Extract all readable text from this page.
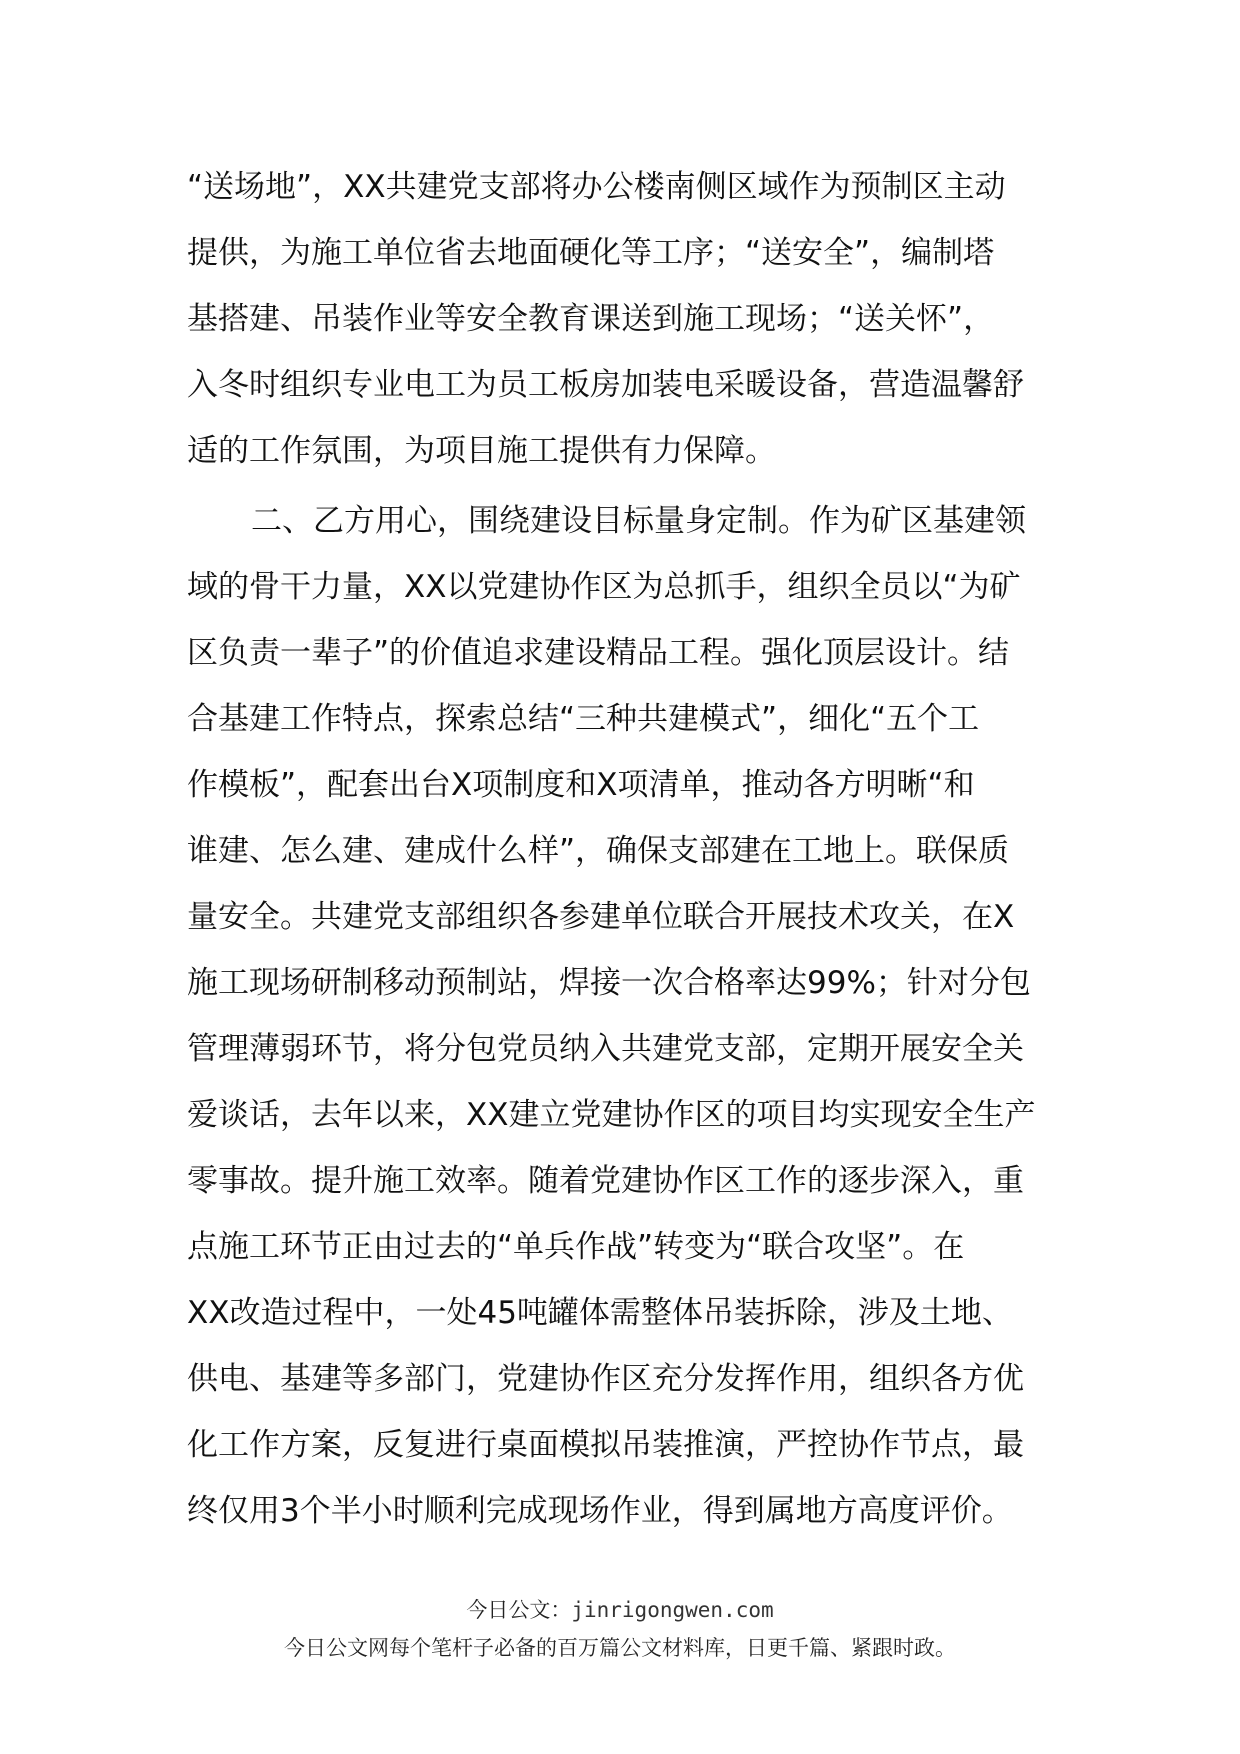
“送场地”，XX共建党支部将办公楼南侧区域作为预制区主动
提供，为施工单位省去地面硬化等工序；“送安全”，编制塔
基搭建、吊装作业等安全教育课送到施工现场；“送关怀”，
入冬时组织专业电工为员工板房加装电采暖设备，营造温馨舒
适的工作氛围，为项目施工提供有力保障。
二、乙方用心，围绕建设目标量身定制。作为矿区基建领
域的骨干力量，XX以党建协作区为总抓手，组织全员以“为矿
区负责一辈子”的价值追求建设精品工程。强化顶层设计。结
合基建工作特点，探索总结“三种共建模式”，细化“五个工
作模板”，配套出台X项制度和X项清单，推动各方明晰“和
谁建、怎么建、建成什么样”，确保支部建在工地上。联保质
量安全。共建党支部组织各参建单位联合开展技术攻关，在X
施工现场研制移动预制站，焊接一次合格率达99%；针对分包
管理薄弱环节，将分包党员纳入共建党支部，定期开展安全关
爱谈话，去年以来，XX建立党建协作区的项目均实现安全生产
零事故。提升施工效率。随着党建协作区工作的逐步深入，重
点施工环节正由过去的“单兵作战”转变为“联合攻坚”。在
XX改造过程中，一处45吨罐体需整体吊装拆除，涉及土地、
供电、基建等多部门，党建协作区充分发挥作用，组织各方优
化工作方案，反复进行桌面模拟吊装推演，严控协作节点，最
终仅用3个半小时顺利完成现场作业，得到属地方高度评价。
今日公文：jinrigongwen.com
今日公文网每个笔杆子必备的百万篇公文材料库，日更千篇、紧跟时政。
